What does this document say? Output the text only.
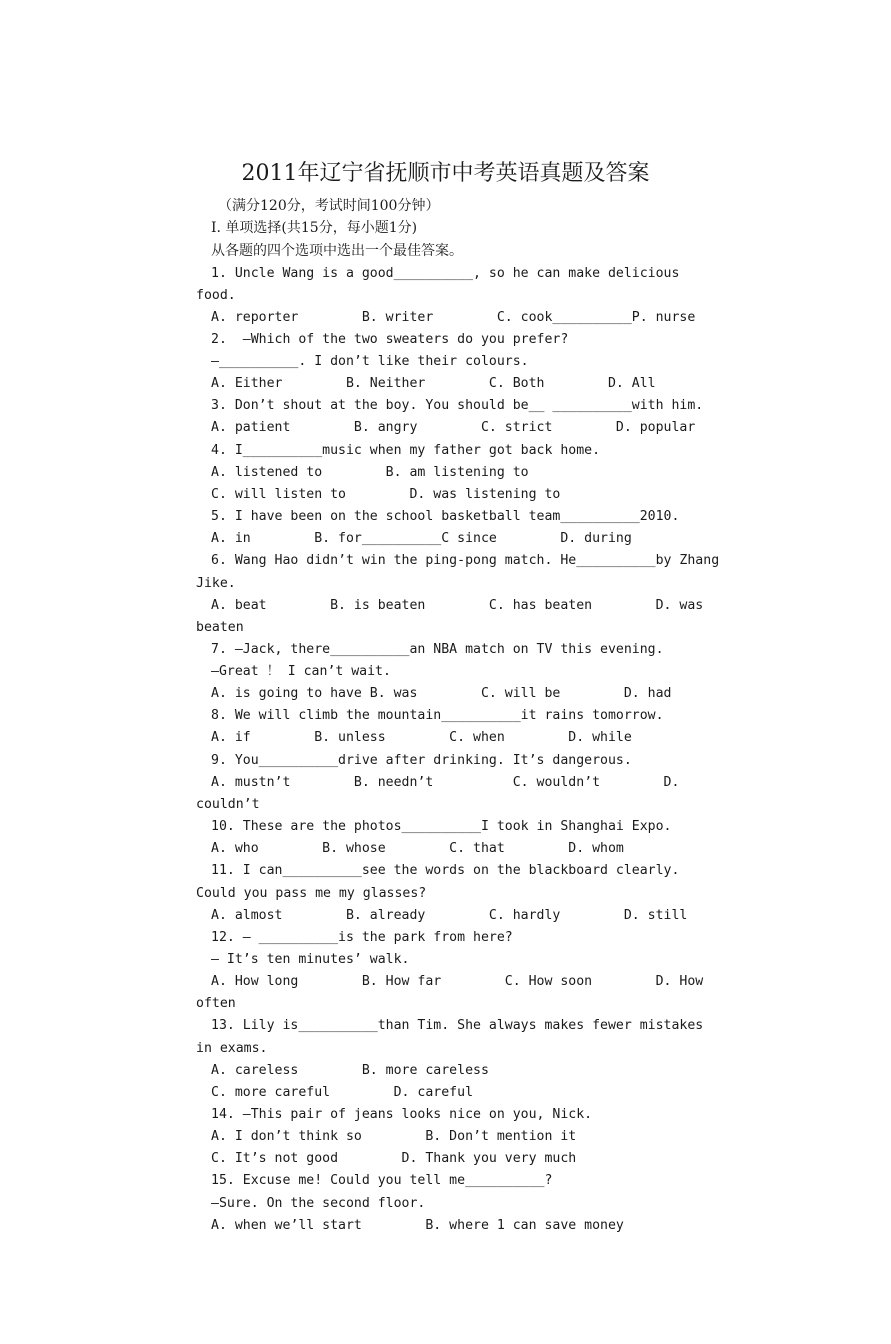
2011年辽宁省抚顺市中考英语真题及答案
（满分120分，考试时间100分钟）
I. 单项选择(共15分，每小题1分)
从各题的四个选项中选出一个最佳答案。
1. Uncle Wang is a good__________, so he can make delicious
food.
A. reporter        B. writer        C. cook__________P. nurse
2.  —Which of the two sweaters do you prefer?
—__________. I don’t like their colours.
A. Either        B. Neither        C. Both        D. All
3. Don’t shout at the boy. You should be__ __________with him.
A. patient        B. angry        C. strict        D. popular
4. I__________music when my father got back home.
A. listened to        B. am listening to
C. will listen to        D. was listening to
5. I have been on the school basketball team__________2010.
A. in        B. for__________C since        D. during
6. Wang Hao didn’t win the ping-pong match. He__________by Zhang
Jike.
A. beat        B. is beaten        C. has beaten        D. was
beaten
7. —Jack, there__________an NBA match on TV this evening.
—Great ！ I can’t wait.
A. is going to have B. was        C. will be        D. had
8. We will climb the mountain__________it rains tomorrow.
A. if        B. unless        C. when        D. while
9. You__________drive after drinking. It’s dangerous.
A. mustn’t        B. needn’t          C. wouldn’t        D.
couldn’t
10. These are the photos__________I took in Shanghai Expo.
A. who        B. whose        C. that        D. whom
11. I can__________see the words on the blackboard clearly.
Could you pass me my glasses?
A. almost        B. already        C. hardly        D. still
12. — __________is the park from here?
— It’s ten minutes’ walk.
A. How long        B. How far        C. How soon        D. How
often
13. Lily is__________than Tim. She always makes fewer mistakes
in exams.
A. careless        B. more careless
C. more careful        D. careful
14. —This pair of jeans looks nice on you, Nick.
A. I don’t think so        B. Don’t mention it
C. It’s not good        D. Thank you very much
15. Excuse me! Could you tell me__________?
—Sure. On the second floor.
A. when we’ll start        B. where 1 can save money
